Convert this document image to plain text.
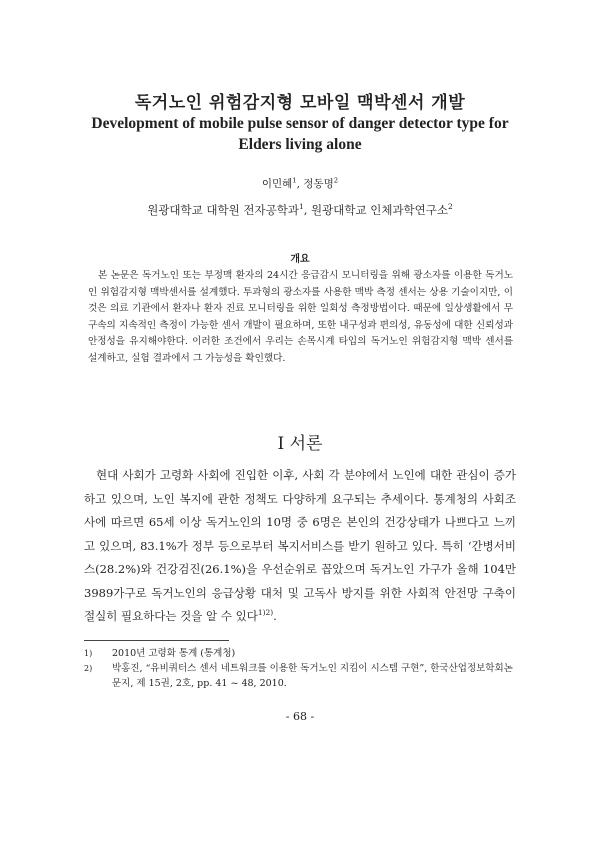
독거노인 위험감지형 모바일 맥박센서 개발
Development of mobile pulse sensor of danger detector type for
Elders living alone
이민혜$^1$, 정동명$^2$
원광대학교 대학원 전자공학과$^1$, 원광대학교 인체과학연구소$^2$
개요

본 논문은 독거노인 또는 부정맥 환자의 24시간 응급감시 모니터링을 위해 광소자를 이용한 독거노인 위험감지형 맥박센서를 설계했다. 투과형의 광소자를 사용한 맥박 측정 센서는 상용 기술이지만, 이것은 의료 기관에서 환자나 환자 진료 모니터링을 위한 일회성 측정방법이다. 때문에 일상생활에서 무구속의 지속적인 측정이 가능한 센서 개발이 필요하며, 또한 내구성과 편의성, 유동성에 대한 신뢰성과 안정성을 유지해야한다. 이러한 조건에서 우리는 손목시계 타입의 독거노인 위험감지형 맥박 센서를 설계하고, 실험 결과에서 그 가능성을 확인했다.

I 서론

현대 사회가 고령화 사회에 진입한 이후, 사회 각 분야에서 노인에 대한 관심이 증가하고 있으며, 노인 복지에 관한 정책도 다양하게 요구되는 추세이다. 통계청의 사회조사에 따르면 65세 이상 독거노인의 10명 중 6명은 본인의 건강상태가 나쁘다고 느끼고 있으며, 83.1%가 정부 등으로부터 복지서비스를 받기 원하고 있다. 특히 ‘간병서비스(28.2%)와 건강검진(26.1%)을 우선순위로 꼽았으며 독거노인 가구가 올해 104만 3989가구로 독거노인의 응급상황 대처 및 고독사 방지를 위한 사회적 안전망 구축이 절실히 필요하다는 것을 알 수 있다$^{1)2)}$.

1) 2010년 고령화 통계 (통계청)
2) 박홍진, “유비쿼터스 센서 네트워크를 이용한 독거노인 지킴이 시스템 구현”, 한국산업정보학회논문지, 제 15권, 2호, pp. 41 ~ 48, 2010.
- 68 -
